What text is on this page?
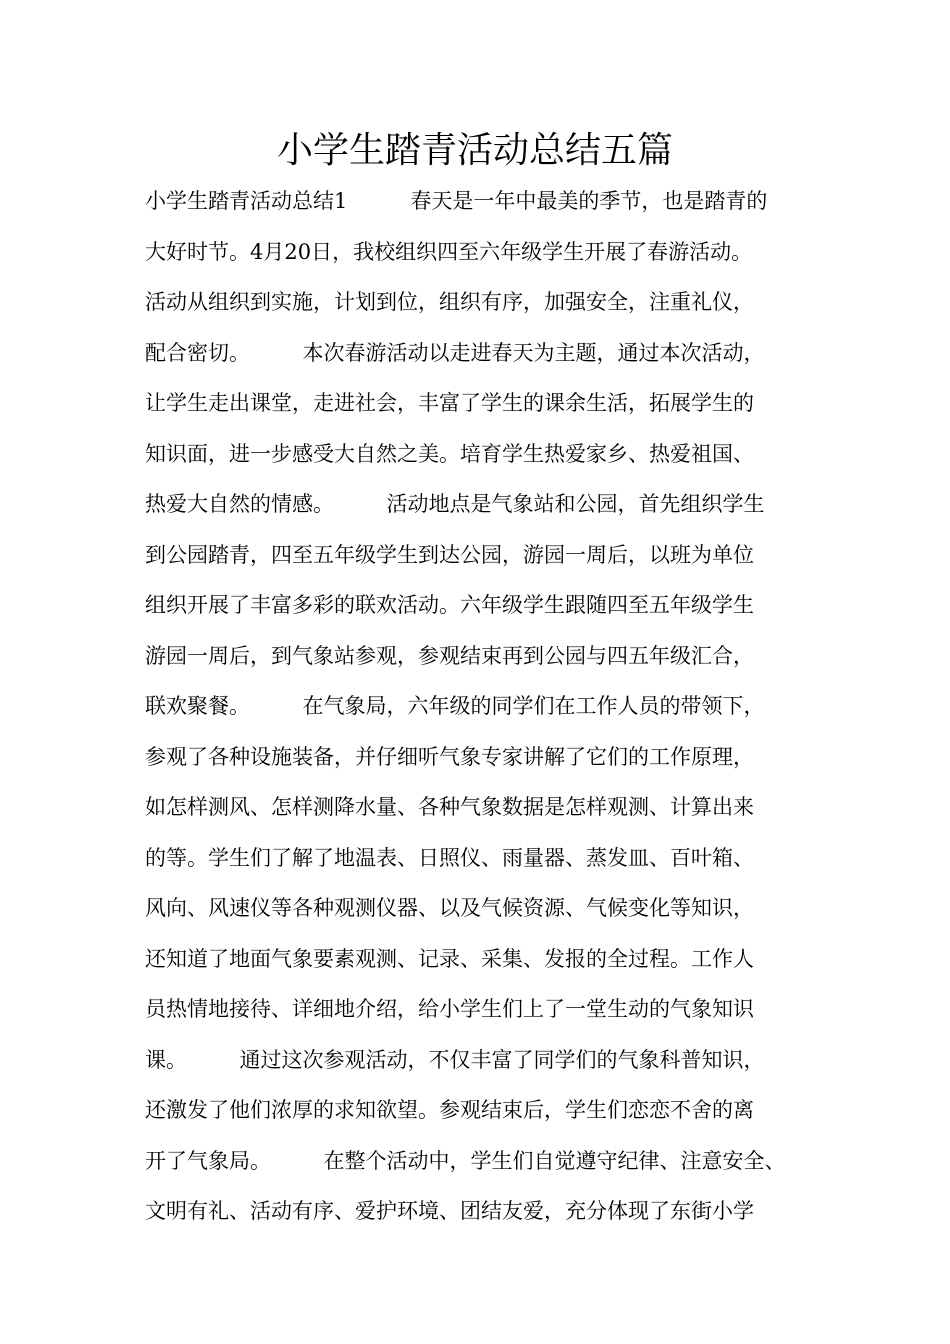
小学生踏青活动总结五篇
小学生踏青活动总结1　　　春天是一年中最美的季节，也是踏青的
大好时节。4月20日，我校组织四至六年级学生开展了春游活动。
活动从组织到实施，计划到位，组织有序，加强安全，注重礼仪，
配合密切。　　　本次春游活动以走进春天为主题，通过本次活动，
让学生走出课堂，走进社会，丰富了学生的课余生活，拓展学生的
知识面，进一步感受大自然之美。培育学生热爱家乡、热爱祖国、
热爱大自然的情感。　　　活动地点是气象站和公园，首先组织学生
到公园踏青，四至五年级学生到达公园，游园一周后，以班为单位
组织开展了丰富多彩的联欢活动。六年级学生跟随四至五年级学生
游园一周后，到气象站参观，参观结束再到公园与四五年级汇合，
联欢聚餐。　　　在气象局，六年级的同学们在工作人员的带领下，
参观了各种设施装备，并仔细听气象专家讲解了它们的工作原理，
如怎样测风、怎样测降水量、各种气象数据是怎样观测、计算出来
的等。学生们了解了地温表、日照仪、雨量器、蒸发皿、百叶箱、
风向、风速仪等各种观测仪器、以及气候资源、气候变化等知识，
还知道了地面气象要素观测、记录、采集、发报的全过程。工作人
员热情地接待、详细地介绍，给小学生们上了一堂生动的气象知识
课。　　　通过这次参观活动，不仅丰富了同学们的气象科普知识，
还激发了他们浓厚的求知欲望。参观结束后，学生们恋恋不舍的离
开了气象局。　　　在整个活动中，学生们自觉遵守纪律、注意安全、
文明有礼、活动有序、爱护环境、团结友爱，充分体现了东街小学
